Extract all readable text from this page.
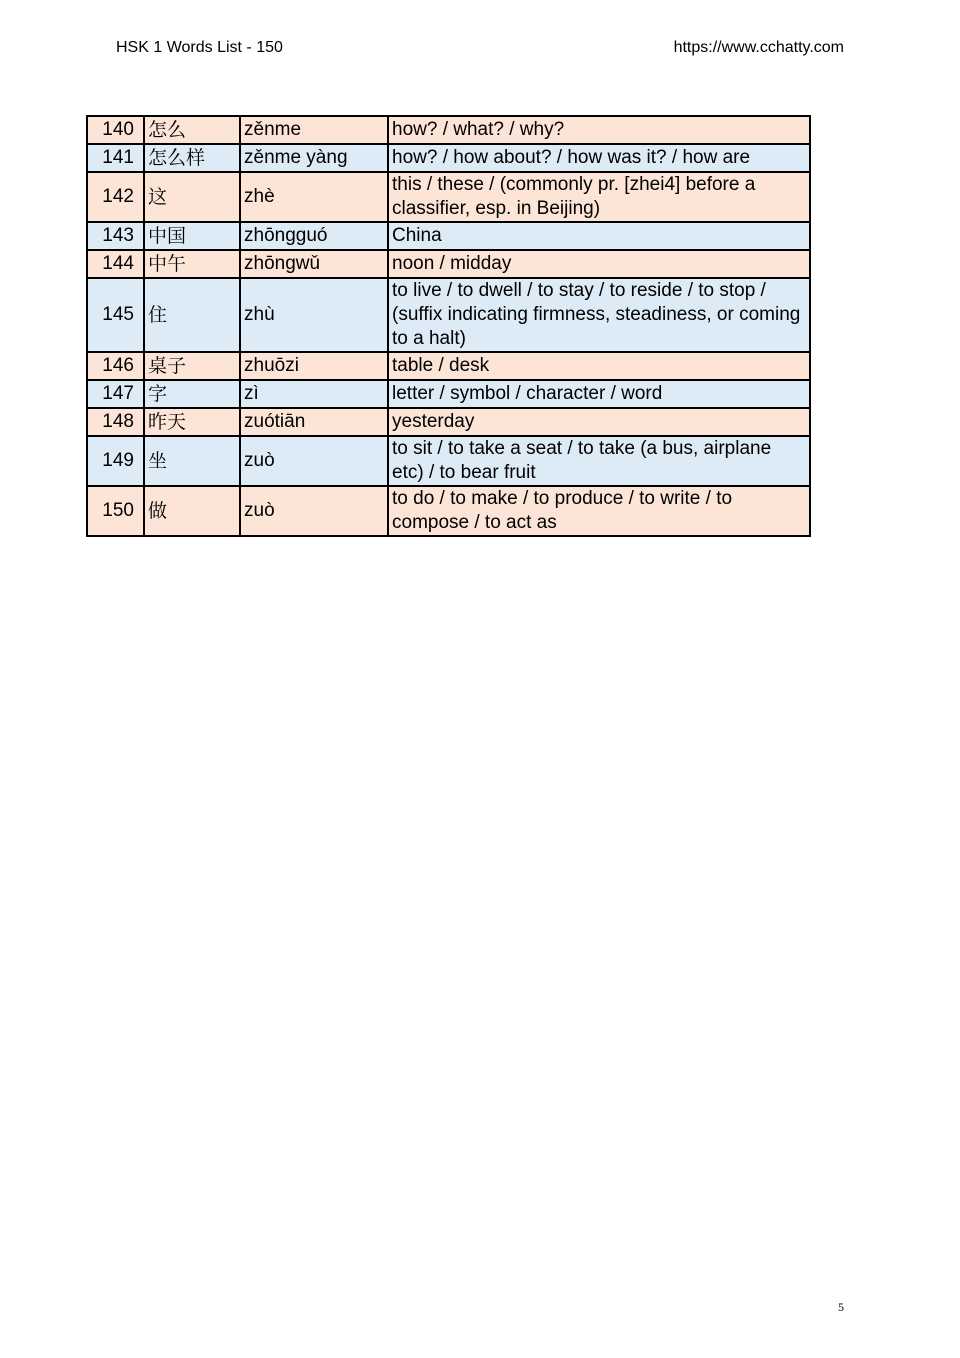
HSK 1 Words List - 150	https://www.cchatty.com
140	怎么	zěnme	how? / what? / why?
141	怎么样	zěnme yàng	how? / how about? / how was it? / how are
142	这	zhè	this / these / (commonly pr. [zhei4] before a classifier, esp. in Beijing)
143	中国	zhōngguó	China
144	中午	zhōngwǔ	noon / midday
145	住	zhù	to live / to dwell / to stay / to reside / to stop / (suffix indicating firmness, steadiness, or coming to a halt)
146	桌子	zhuōzi	table / desk
147	字	zì	letter / symbol / character / word
148	昨天	zuótiān	yesterday
149	坐	zuò	to sit / to take a seat / to take (a bus, airplane etc) / to bear fruit
150	做	zuò	to do / to make / to produce / to write / to compose / to act as
5
